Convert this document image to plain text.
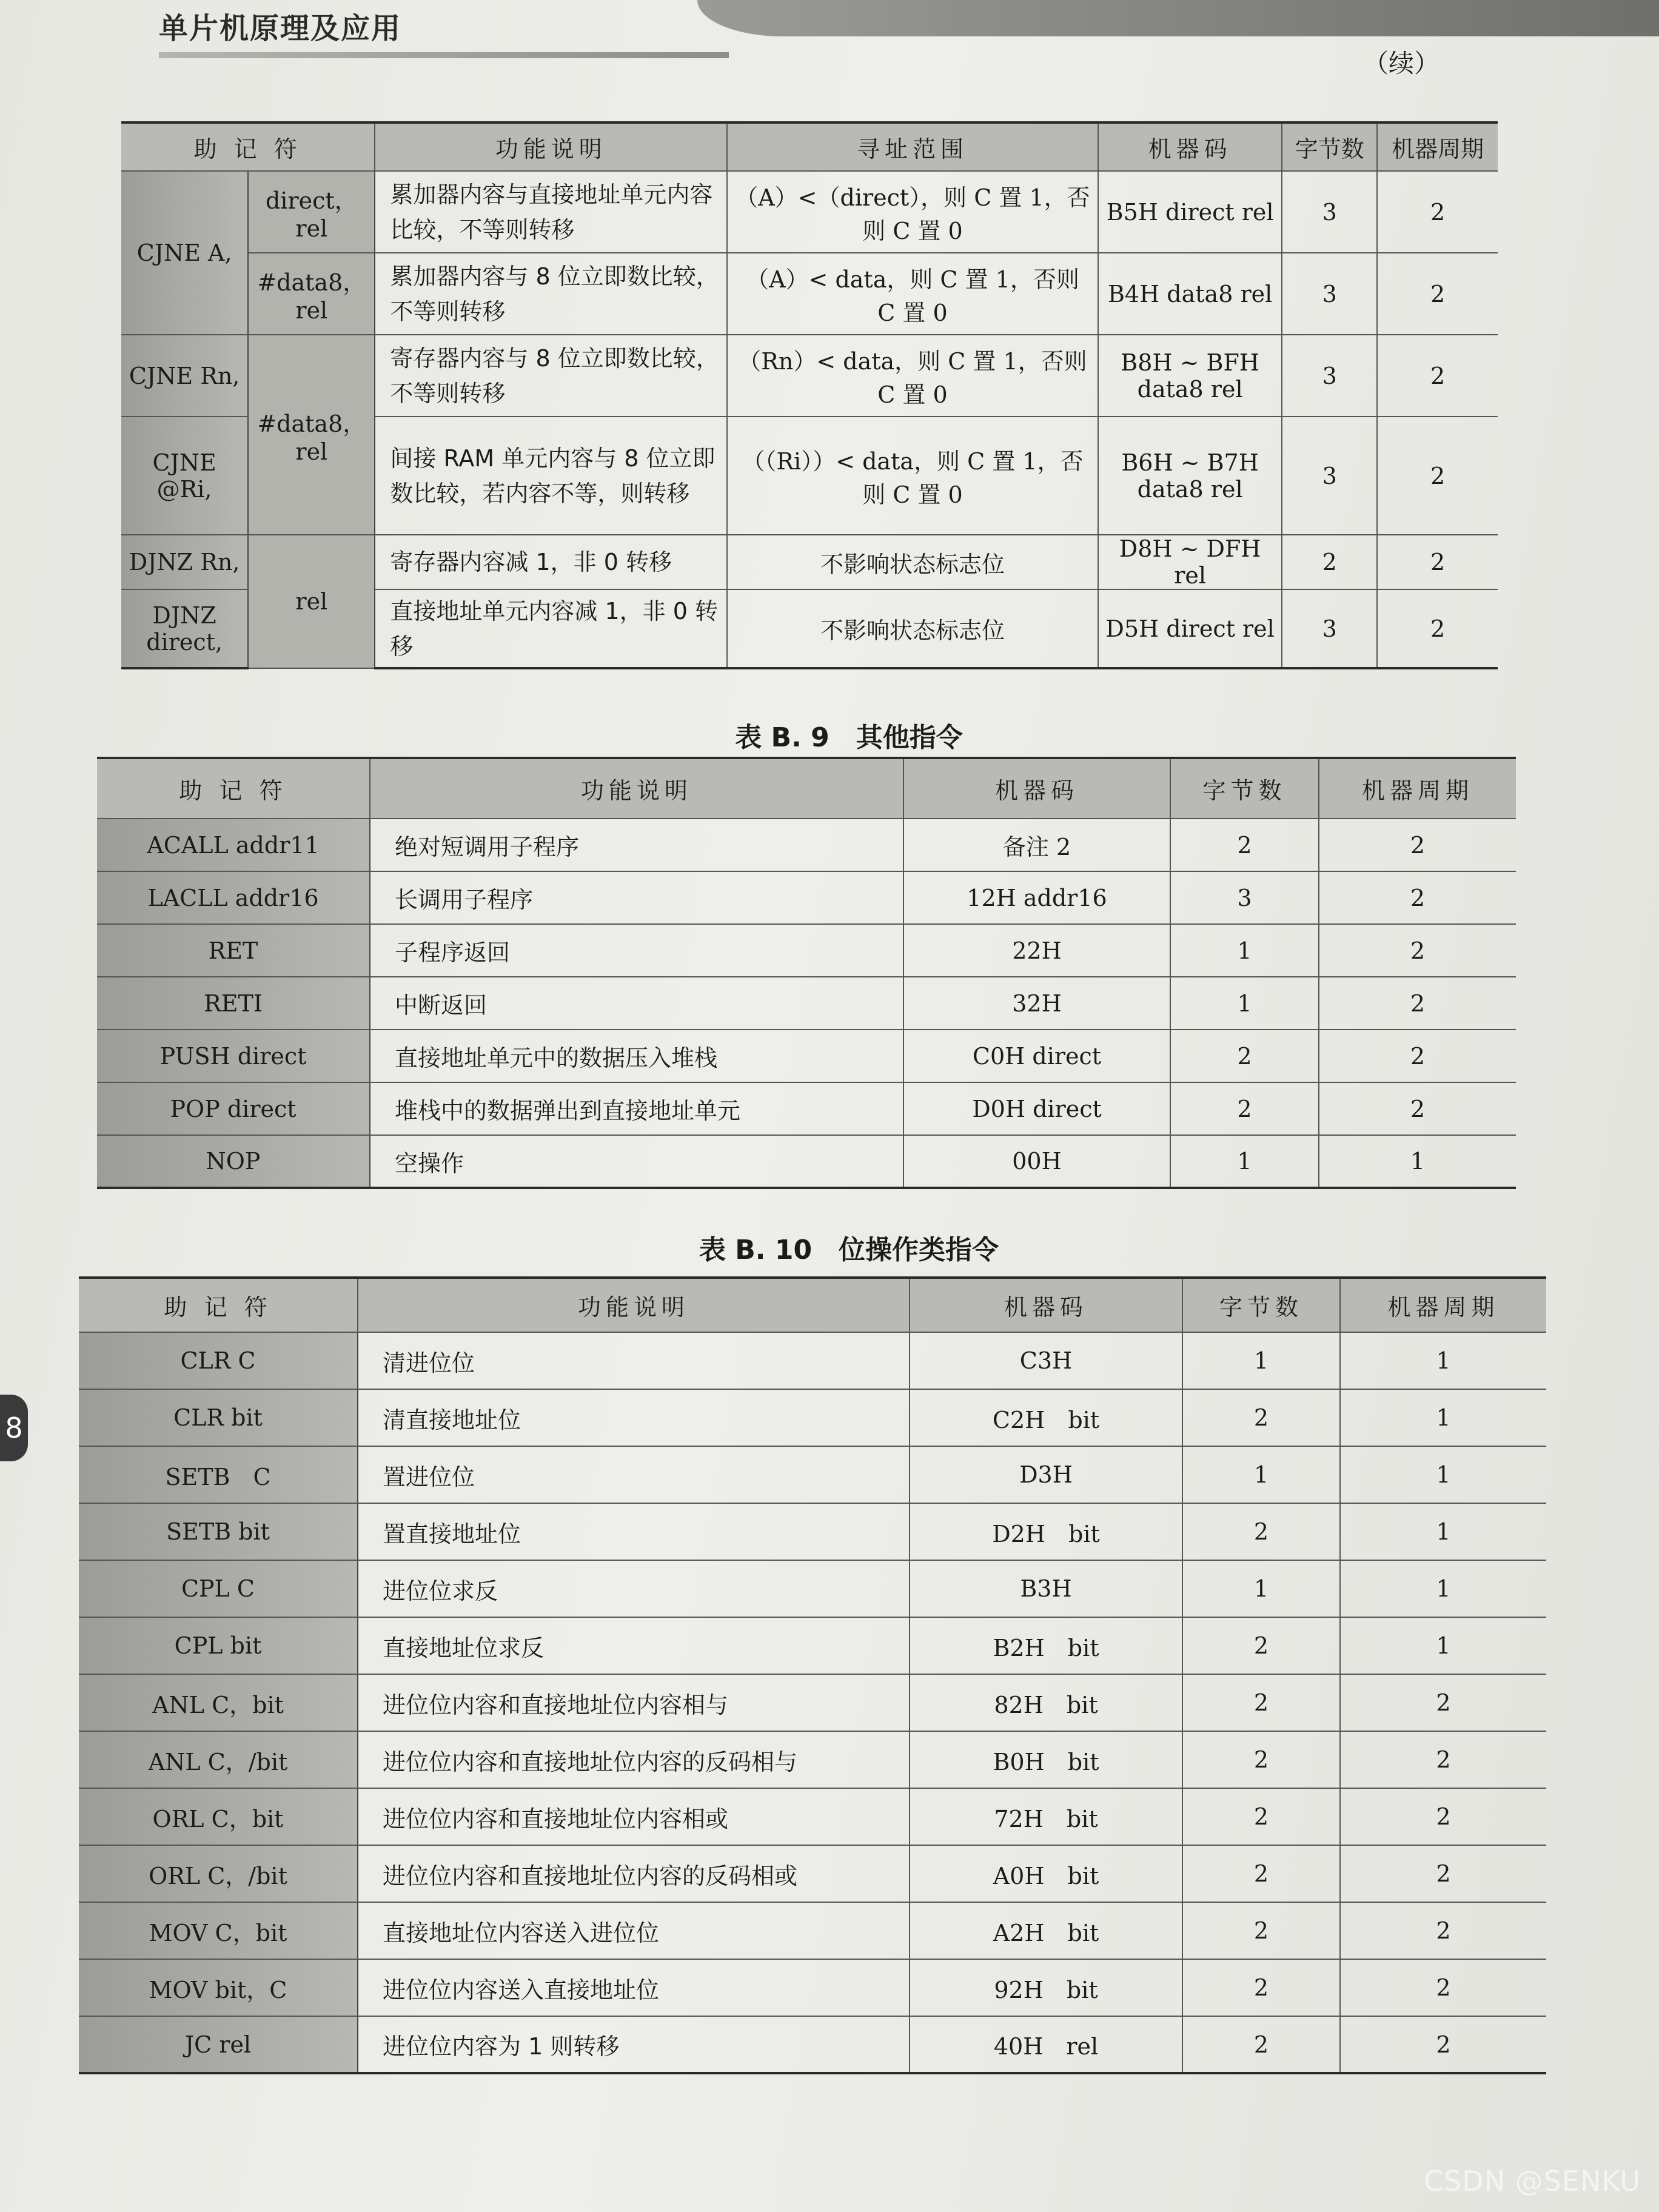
单片机原理及应用
（续）
助 记 符		功能说明	寻址范围	机器码	字节数	机器周期
CJNE A,	direct，rel	累加器内容与直接地址单元内容比较，不等则转移	（A）<（direct），则 C 置 1，否则 C 置 0	B5H direct rel	3	2
	#data8，rel	累加器内容与 8 位立即数比较，不等则转移	（A）< data，则 C 置 1，否则 C 置 0	B4H data8 rel	3	2
CJNE Rn,	#data8，rel	寄存器内容与 8 位立即数比较，不等则转移	（Rn）< data，则 C 置 1，否则 C 置 0	B8H ~ BFH data8 rel	3	2
CJNE @Ri,		间接 RAM 单元内容与 8 位立即数比较，若内容不等，则转移	（（Ri））< data，则 C 置 1，否则 C 置 0	B6H ~ B7H data8 rel	3	2
DJNZ Rn,	rel	寄存器内容减 1，非 0 转移	不影响状态标志位	D8H ~ DFH rel	2	2
DJNZ direct,		直接地址单元内容减 1，非 0 转移	不影响状态标志位	D5H direct rel	3	2
表 B. 9　其他指令
助 记 符	功能说明	机器码	字节数	机器周期
ACALL addr11	绝对短调用子程序	备注 2	2	2
LACLL addr16	长调用子程序	12H addr16	3	2
RET	子程序返回	22H	1	2
RETI	中断返回	32H	1	2
PUSH direct	直接地址单元中的数据压入堆栈	C0H direct	2	2
POP direct	堆栈中的数据弹出到直接地址单元	D0H direct	2	2
NOP	空操作	00H	1	1
表 B. 10　位操作类指令
助 记 符	功能说明	机器码	字节数	机器周期
CLR C	清进位位	C3H	1	1
CLR bit	清直接地址位	C2H　bit	2	1
SETB　C	置进位位	D3H	1	1
SETB bit	置直接地址位	D2H　bit	2	1
CPL C	进位位求反	B3H	1	1
CPL bit	直接地址位求反	B2H　bit	2	1
ANL C，bit	进位位内容和直接地址位内容相与	82H　bit	2	2
ANL C，/bit	进位位内容和直接地址位内容的反码相与	B0H　bit	2	2
ORL C，bit	进位位内容和直接地址位内容相或	72H　bit	2	2
ORL C，/bit	进位位内容和直接地址位内容的反码相或	A0H　bit	2	2
MOV C，bit	直接地址位内容送入进位位	A2H　bit	2	2
MOV bit，C	进位位内容送入直接地址位	92H　bit	2	2
JC rel	进位位内容为 1 则转移	40H　rel	2	2
8
CSDN @SENKU
